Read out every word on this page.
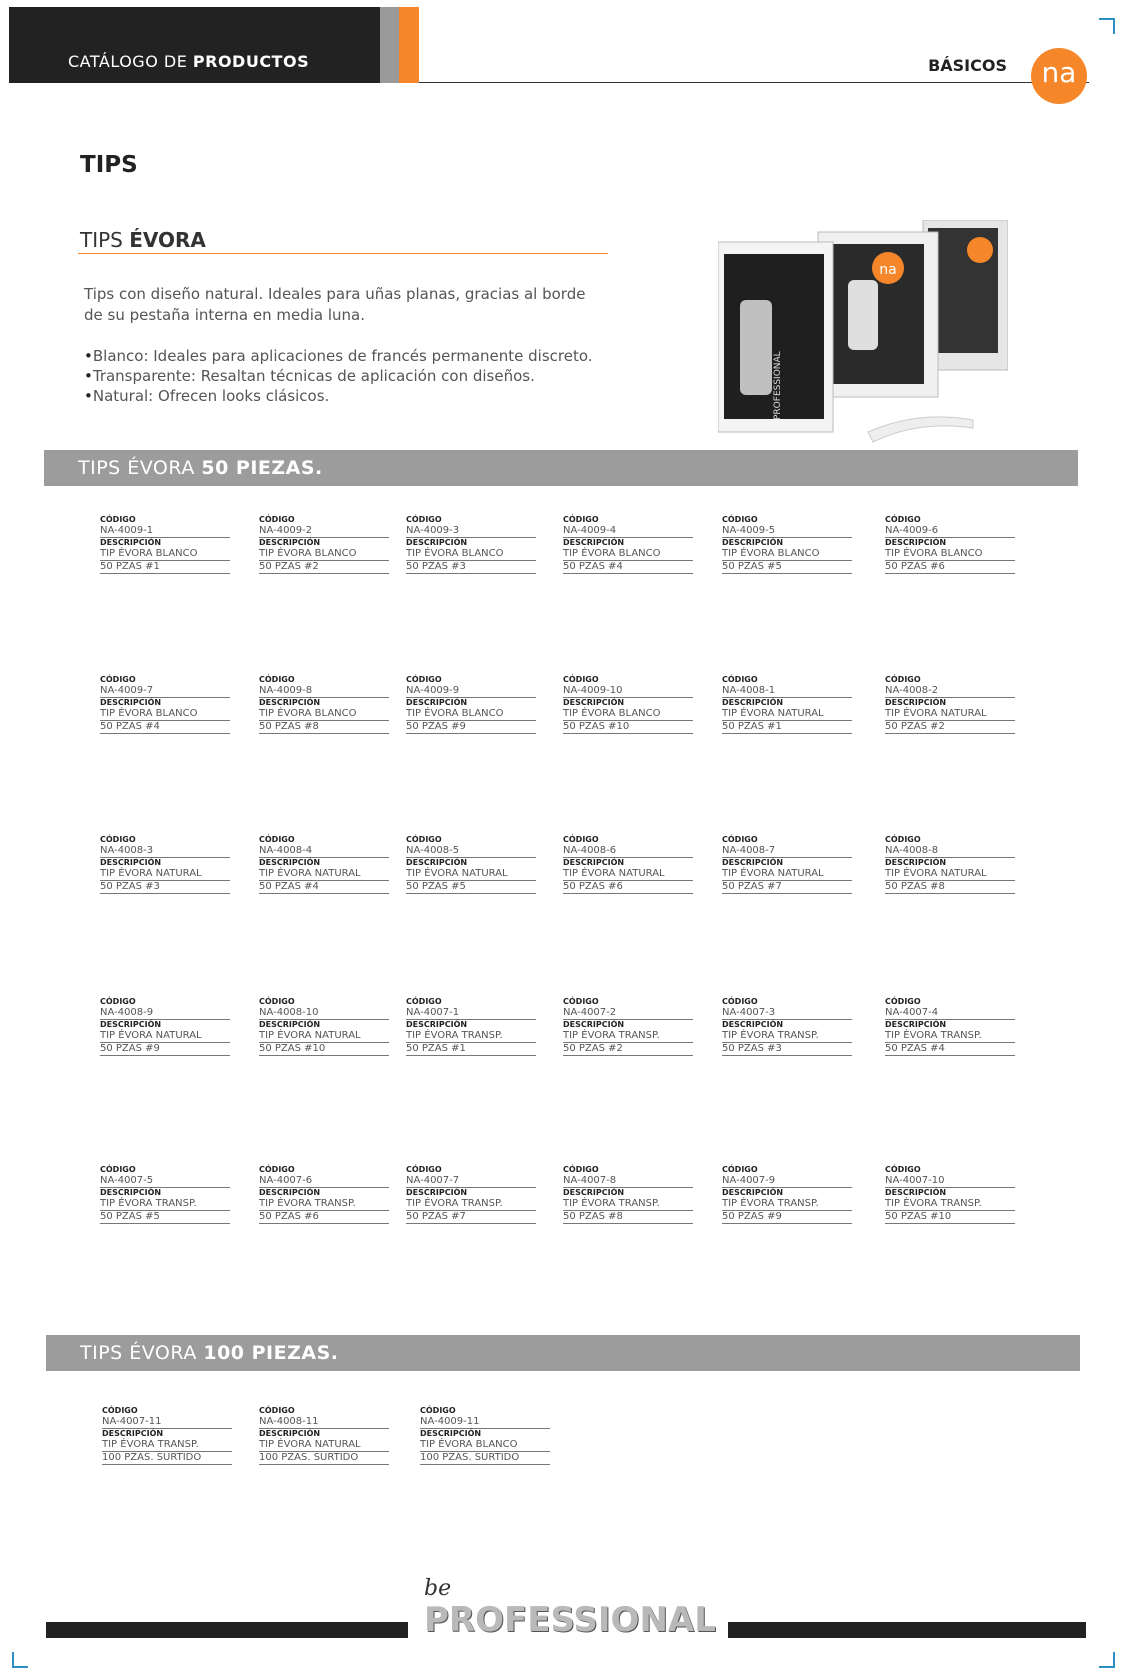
CATÁLOGO DE PRODUCTOS	BÁSICOS	na
TIPS
TIPS ÉVORA

Tips con diseño natural. Ideales para uñas planas, gracias al borde de su pestaña interna en media luna.

• Blanco: Ideales para aplicaciones de francés permanente discreto.
• Transparente: Resaltan técnicas de aplicación con diseños.
• Natural: Ofrecen looks clásicos.
na
PROFESSIONAL
TIPS ÉVORA 50 PIEZAS.
CÓDIGO
NA-4009-1
DESCRIPCIÓN
TIP ÉVORA BLANCO
50 PZAS #1
CÓDIGO
NA-4009-2
DESCRIPCIÓN
TIP ÉVORA BLANCO
50 PZAS #2
CÓDIGO
NA-4009-3
DESCRIPCIÓN
TIP ÉVORA BLANCO
50 PZAS #3
CÓDIGO
NA-4009-4
DESCRIPCIÓN
TIP ÉVORA BLANCO
50 PZAS #4
CÓDIGO
NA-4009-5
DESCRIPCIÓN
TIP ÉVORA BLANCO
50 PZAS #5
CÓDIGO
NA-4009-6
DESCRIPCIÓN
TIP ÉVORA BLANCO
50 PZAS #6
CÓDIGO
NA-4009-7
DESCRIPCIÓN
TIP ÉVORA BLANCO
50 PZAS #4
CÓDIGO
NA-4009-8
DESCRIPCIÓN
TIP ÉVORA BLANCO
50 PZAS #8
CÓDIGO
NA-4009-9
DESCRIPCIÓN
TIP ÉVORA BLANCO
50 PZAS #9
CÓDIGO
NA-4009-10
DESCRIPCIÓN
TIP ÉVORA BLANCO
50 PZAS #10
CÓDIGO
NA-4008-1
DESCRIPCIÓN
TIP ÉVORA NATURAL
50 PZAS #1
CÓDIGO
NA-4008-2
DESCRIPCIÓN
TIP ÉVORA NATURAL
50 PZAS #2
CÓDIGO
NA-4008-3
DESCRIPCIÓN
TIP ÉVORA NATURAL
50 PZAS #3
CÓDIGO
NA-4008-4
DESCRIPCIÓN
TIP ÉVORA NATURAL
50 PZAS #4
CÓDIGO
NA-4008-5
DESCRIPCIÓN
TIP ÉVORA NATURAL
50 PZAS #5
CÓDIGO
NA-4008-6
DESCRIPCIÓN
TIP ÉVORA NATURAL
50 PZAS #6
CÓDIGO
NA-4008-7
DESCRIPCIÓN
TIP ÉVORA NATURAL
50 PZAS #7
CÓDIGO
NA-4008-8
DESCRIPCIÓN
TIP ÉVORA NATURAL
50 PZAS #8
CÓDIGO
NA-4008-9
DESCRIPCIÓN
TIP ÉVORA NATURAL
50 PZAS #9
CÓDIGO
NA-4008-10
DESCRIPCIÓN
TIP ÉVORA NATURAL
50 PZAS #10
CÓDIGO
NA-4007-1
DESCRIPCIÓN
TIP ÉVORA TRANSP.
50 PZAS #1
CÓDIGO
NA-4007-2
DESCRIPCIÓN
TIP ÉVORA TRANSP.
50 PZAS #2
CÓDIGO
NA-4007-3
DESCRIPCIÓN
TIP ÉVORA TRANSP.
50 PZAS #3
CÓDIGO
NA-4007-4
DESCRIPCIÓN
TIP ÉVORA TRANSP.
50 PZAS #4
CÓDIGO
NA-4007-5
DESCRIPCIÓN
TIP ÉVORA TRANSP.
50 PZAS #5
CÓDIGO
NA-4007-6
DESCRIPCIÓN
TIP ÉVORA TRANSP.
50 PZAS #6
CÓDIGO
NA-4007-7
DESCRIPCIÓN
TIP ÉVORA TRANSP.
50 PZAS #7
CÓDIGO
NA-4007-8
DESCRIPCIÓN
TIP ÉVORA TRANSP.
50 PZAS #8
CÓDIGO
NA-4007-9
DESCRIPCIÓN
TIP ÉVORA TRANSP.
50 PZAS #9
CÓDIGO
NA-4007-10
DESCRIPCIÓN
TIP ÉVORA TRANSP.
50 PZAS #10
TIPS ÉVORA 100 PIEZAS.
CÓDIGO
NA-4007-11
DESCRIPCIÓN
TIP ÉVORA TRANSP.
100 PZAS. SURTIDO
CÓDIGO
NA-4008-11
DESCRIPCIÓN
TIP ÉVORA NATURAL
100 PZAS. SURTIDO
CÓDIGO
NA-4009-11
DESCRIPCIÓN
TIP ÉVORA BLANCO
100 PZAS. SURTIDO
be
PROFESSIONAL
